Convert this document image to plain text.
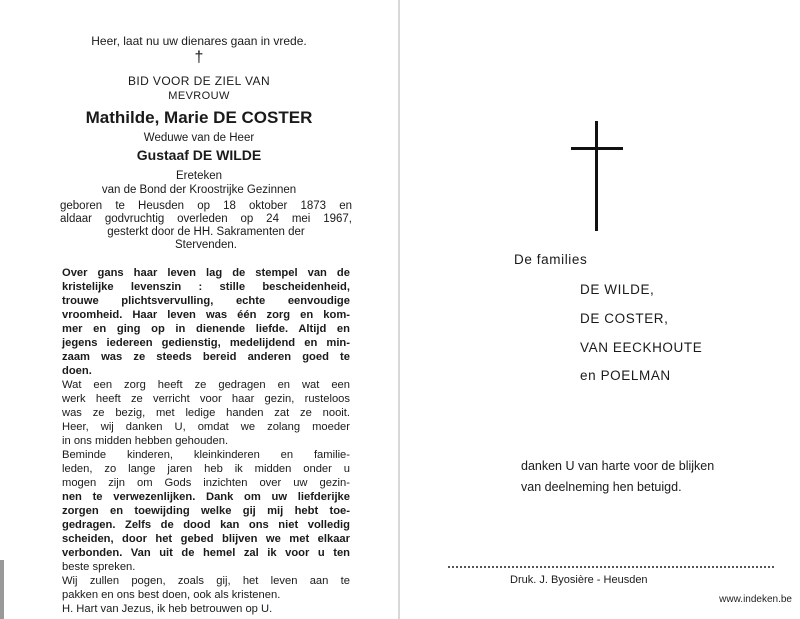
Heer, laat nu uw dienares gaan in vrede.
†
BID VOOR DE ZIEL VAN
MEVROUW
Mathilde, Marie DE COSTER
Weduwe van de Heer
Gustaaf DE WILDE
Ereteken
van de Bond der Kroostrijke Gezinnen
geboren te Heusden op 18 oktober 1873 en
aldaar godvruchtig overleden op 24 mei 1967,
gesterkt door de HH. Sakramenten der
Stervenden.
Over gans haar leven lag de stempel van de
kristelijke levenszin : stille bescheidenheid,
trouwe plichtsvervulling, echte eenvoudige
vroomheid. Haar leven was één zorg en kom-
mer en ging op in dienende liefde. Altijd en
jegens iedereen gedienstig, medelijdend en min-
zaam was ze steeds bereid anderen goed te
doen.
Wat een zorg heeft ze gedragen en wat een
werk heeft ze verricht voor haar gezin, rusteloos
was ze bezig, met ledige handen zat ze nooit.
Heer, wij danken U, omdat we zolang moeder
in ons midden hebben gehouden.
Beminde kinderen, kleinkinderen en familie-
leden, zo lange jaren heb ik midden onder u
mogen zijn om Gods inzichten over uw gezin-
nen te verwezenlijken. Dank om uw liefderijke
zorgen en toewijding welke gij mij hebt toe-
gedragen. Zelfs de dood kan ons niet volledig
scheiden, door het gebed blijven we met elkaar
verbonden. Van uit de hemel zal ik voor u ten
beste spreken.
Wij zullen pogen, zoals gij, het leven aan te
pakken en ons best doen, ook als kristenen.
H. Hart van Jezus, ik heb betrouwen op U.
De families
DE WILDE,
DE COSTER,
VAN EECKHOUTE
en POELMAN
danken U van harte voor de blijken
van deelneming hen betuigd.
Druk. J. Byosière - Heusden
www.indeken.be
